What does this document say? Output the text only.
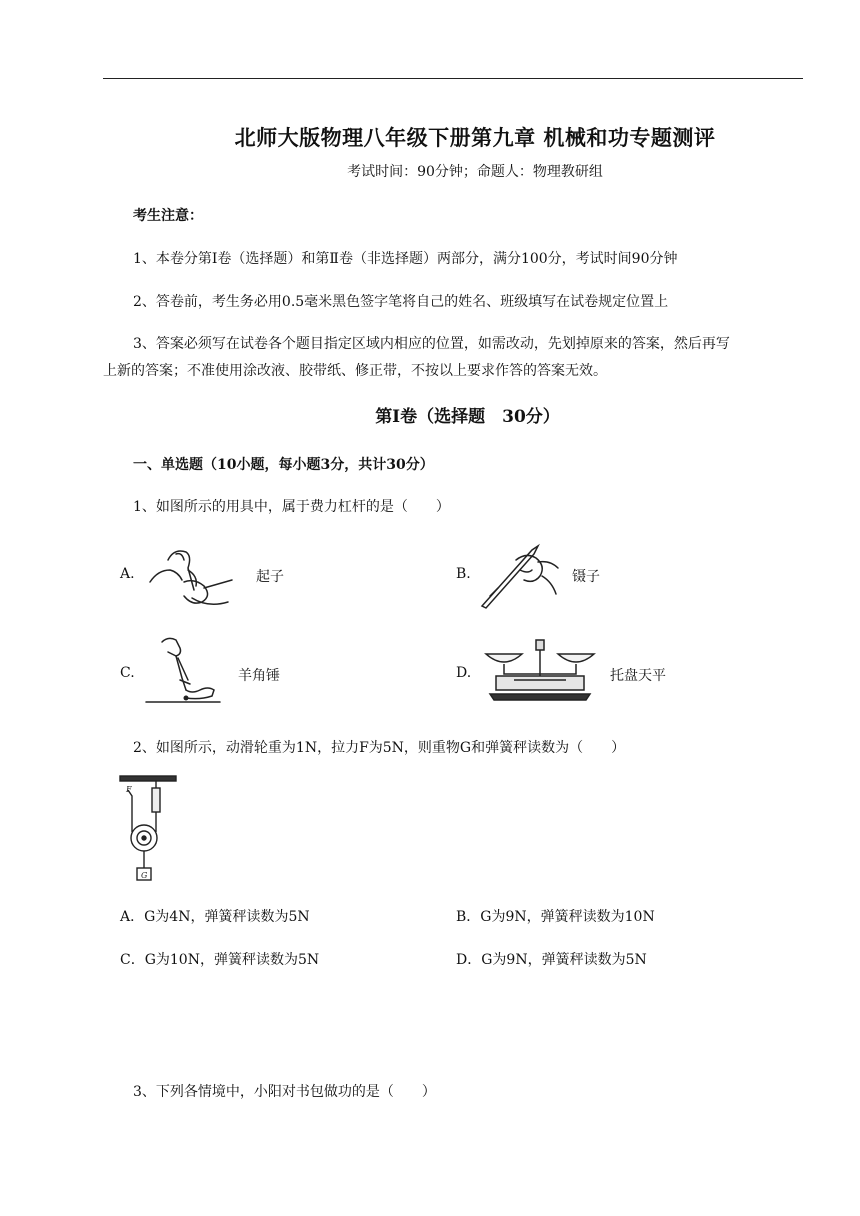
北师大版物理八年级下册第九章 机械和功专题测评
考试时间：90分钟；命题人：物理教研组
考生注意：
1、本卷分第Ⅰ卷（选择题）和第Ⅱ卷（非选择题）两部分，满分100分，考试时间90分钟
2、答卷前，考生务必用0.5毫米黑色签字笔将自己的姓名、班级填写在试卷规定位置上
3、答案必须写在试卷各个题目指定区域内相应的位置，如需改动，先划掉原来的答案，然后再写
上新的答案；不准使用涂改液、胶带纸、修正带，不按以上要求作答的答案无效。
第Ⅰ卷（选择题　30分）
一、单选题（10小题，每小题3分，共计30分）
1、如图所示的用具中，属于费力杠杆的是（　　）
A.	起子	B.	镊子
C.	羊角锤	D.	托盘天平
2、如图所示，动滑轮重为1N，拉力F为5N，则重物G和弹簧秤读数为（　　）
F
G
A．G为4N，弹簧秤读数为5N	B．G为9N，弹簧秤读数为10N
C．G为10N，弹簧秤读数为5N	D．G为9N，弹簧秤读数为5N
3、下列各情境中，小阳对书包做功的是（　　）
